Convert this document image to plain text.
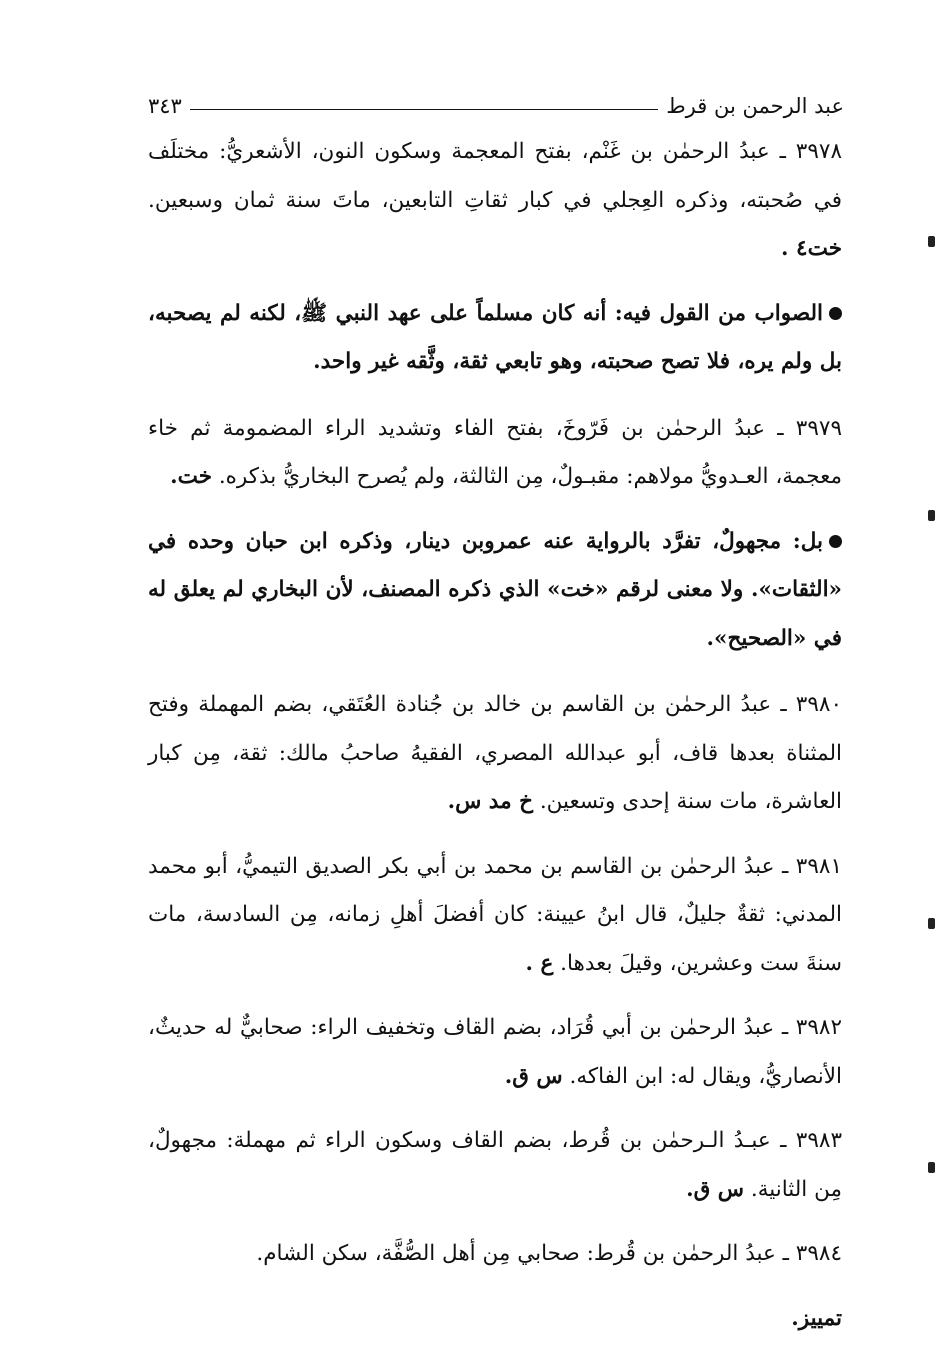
عبد الرحمن بن قرط
٣٤٣

٣٩٧٨ ـ عبدُ الرحمٰن بن غَنْم، بفتح المعجمة وسكون النون، الأشعريُّ: مختلَف في صُحبته، وذكره العِجلي في كبار ثقاتِ التابعين، ماتَ سنة ثمان وسبعين. خت٤ .

الصواب من القول فيه: أنه كان مسلماً على عهد النبي ﷺ، لكنه لم يصحبه، بل ولم يره، فلا تصح صحبته، وهو تابعي ثقة، وثَّقه غير واحد.

٣٩٧٩ ـ عبدُ الرحمٰن بن فَرّوخَ، بفتح الفاء وتشديد الراء المضمومة ثم خاء معجمة، العـدويُّ مولاهم: مقبـولٌ، مِن الثالثة، ولم يُصرح البخاريُّ بذكره. خت.

بل: مجهولٌ، تفرَّد بالرواية عنه عمروبن دينار، وذكره ابن حبان وحده في «الثقات». ولا معنى لرقم «خت» الذي ذكره المصنف، لأن البخاري لم يعلق له في «الصحيح».

٣٩٨٠ ـ عبدُ الرحمٰن بن القاسم بن خالد بن جُنادة العُتَقي، بضم المهملة وفتح المثناة بعدها قاف، أبو عبدالله المصري، الفقيهُ صاحبُ مالك: ثقة، مِن كبار العاشرة، مات سنة إحدى وتسعين. خ مد س.

٣٩٨١ ـ عبدُ الرحمٰن بن القاسم بن محمد بن أبي بكر الصديق التيميُّ، أبو محمد المدني: ثقةٌ جليلٌ، قال ابنُ عيينة: كان أفضلَ أهلِ زمانه، مِن السادسة، مات سنةَ ست وعشرين، وقيلَ بعدها. ع .

٣٩٨٢ ـ عبدُ الرحمٰن بن أبي قُرَاد، بضم القاف وتخفيف الراء: صحابيٌّ له حديثٌ، الأنصاريُّ، ويقال له: ابن الفاكه. س ق.

٣٩٨٣ ـ عبـدُ الـرحمٰن بن قُرط، بضم القاف وسكون الراء ثم مهملة: مجهولٌ، مِن الثانية. س ق.

٣٩٨٤ ـ عبدُ الرحمٰن بن قُرط: صحابي مِن أهل الصُّفَّة، سكن الشام.

تمييز.
